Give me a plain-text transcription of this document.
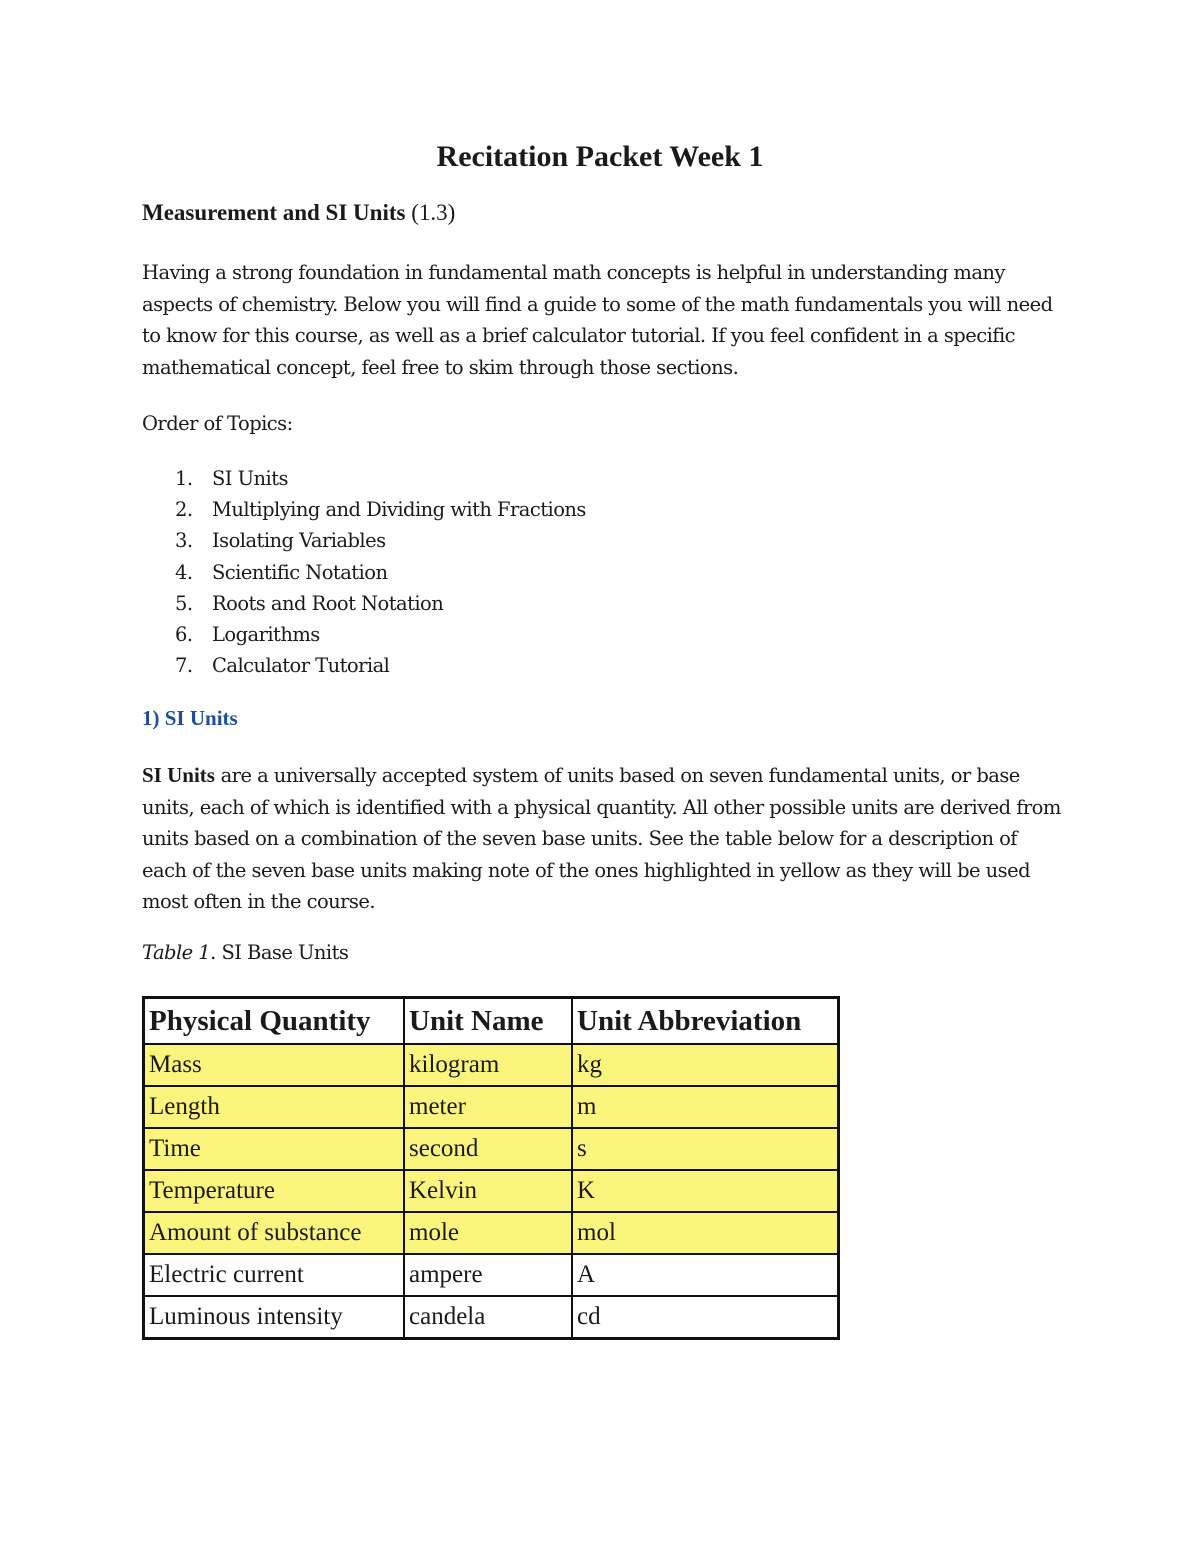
Recitation Packet Week 1
Measurement and SI Units (1.3)

Having a strong foundation in fundamental math concepts is helpful in understanding many aspects of chemistry. Below you will find a guide to some of the math fundamentals you will need to know for this course, as well as a brief calculator tutorial. If you feel confident in a specific mathematical concept, feel free to skim through those sections.

Order of Topics:

1. SI Units
2. Multiplying and Dividing with Fractions
3. Isolating Variables
4. Scientific Notation
5. Roots and Root Notation
6. Logarithms
7. Calculator Tutorial
1) SI Units

SI Units are a universally accepted system of units based on seven fundamental units, or base units, each of which is identified with a physical quantity. All other possible units are derived from units based on a combination of the seven base units. See the table below for a description of each of the seven base units making note of the ones highlighted in yellow as they will be used most often in the course.

Table 1. SI Base Units

Physical Quantity	Unit Name	Unit Abbreviation
Mass	kilogram	kg
Length	meter	m
Time	second	s
Temperature	Kelvin	K
Amount of substance	mole	mol
Electric current	ampere	A
Luminous intensity	candela	cd
